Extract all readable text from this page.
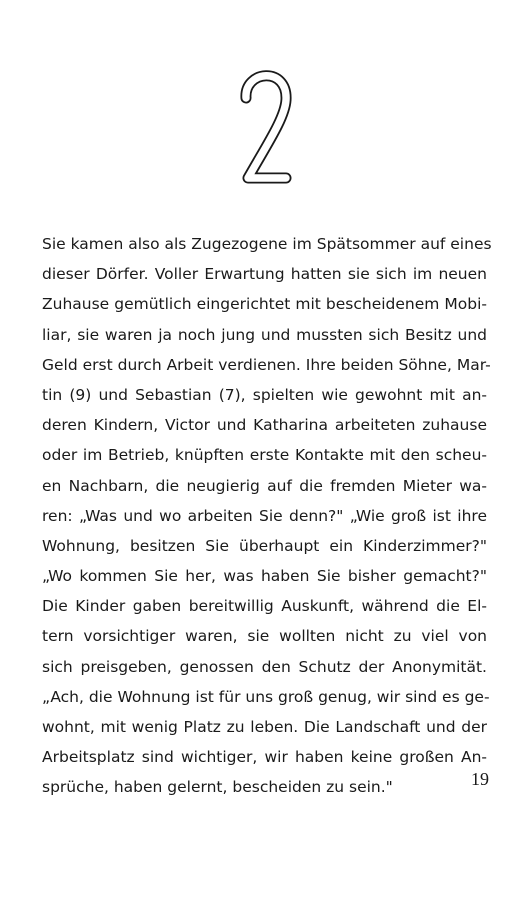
Sie kamen also als Zugezogene im Spätsommer auf eines
dieser Dörfer. Voller Erwartung hatten sie sich im neuen
Zuhause gemütlich eingerichtet mit bescheidenem Mobi-
liar, sie waren ja noch jung und mussten sich Besitz und
Geld erst durch Arbeit verdienen. Ihre beiden Söhne, Mar-
tin (9) und Sebastian (7), spielten wie gewohnt mit an-
deren Kindern, Victor und Katharina arbeiteten zuhause
oder im Betrieb, knüpften erste Kontakte mit den scheu-
en Nachbarn, die neugierig auf die fremden Mieter wa-
ren: „Was und wo arbeiten Sie denn?" „Wie groß ist ihre
Wohnung, besitzen Sie überhaupt ein Kinderzimmer?"
„Wo kommen Sie her, was haben Sie bisher gemacht?"
Die Kinder gaben bereitwillig Auskunft, während die El-
tern vorsichtiger waren, sie wollten nicht zu viel von
sich preisgeben, genossen den Schutz der Anonymität.
„Ach, die Wohnung ist für uns groß genug, wir sind es ge-
wohnt, mit wenig Platz zu leben. Die Landschaft und der
Arbeitsplatz sind wichtiger, wir haben keine großen An-
sprüche, haben gelernt, bescheiden zu sein."	19
